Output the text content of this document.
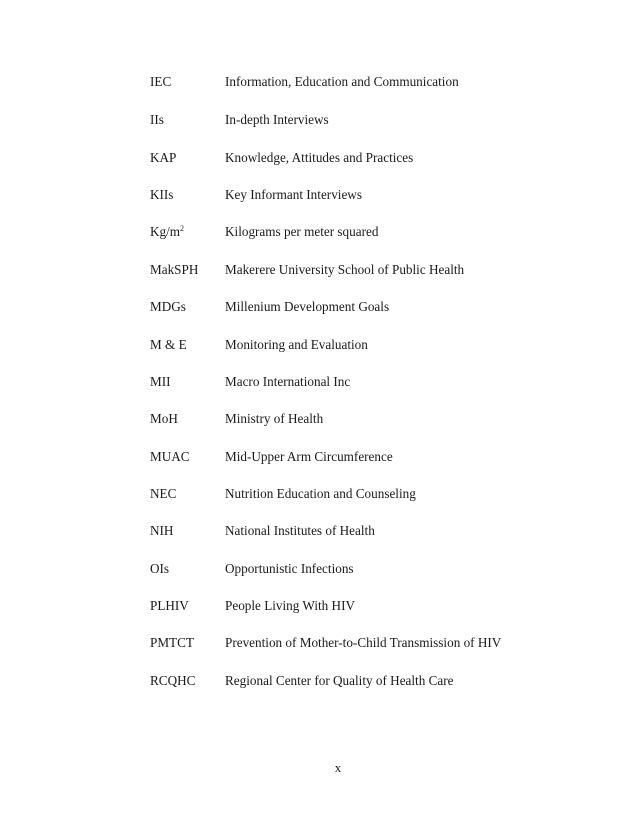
IEC	Information, Education and Communication
IIs	In-depth Interviews
KAP	Knowledge, Attitudes and Practices
KIIs	Key Informant Interviews
$Kg/m^2$	Kilograms per meter squared
MakSPH Makerere University School of Public Health
MDGs	Millenium Development Goals
M & E	Monitoring and Evaluation
MII	Macro International Inc
MoH	Ministry of Health
MUAC	Mid-Upper Arm Circumference
NEC	Nutrition Education and Counseling
NIH	National Institutes of Health
OIs	Opportunistic Infections
PLHIV	People Living With HIV
PMTCT Prevention of Mother-to-Child Transmission of HIV
RCQHC Regional Center for Quality of Health Care
x
